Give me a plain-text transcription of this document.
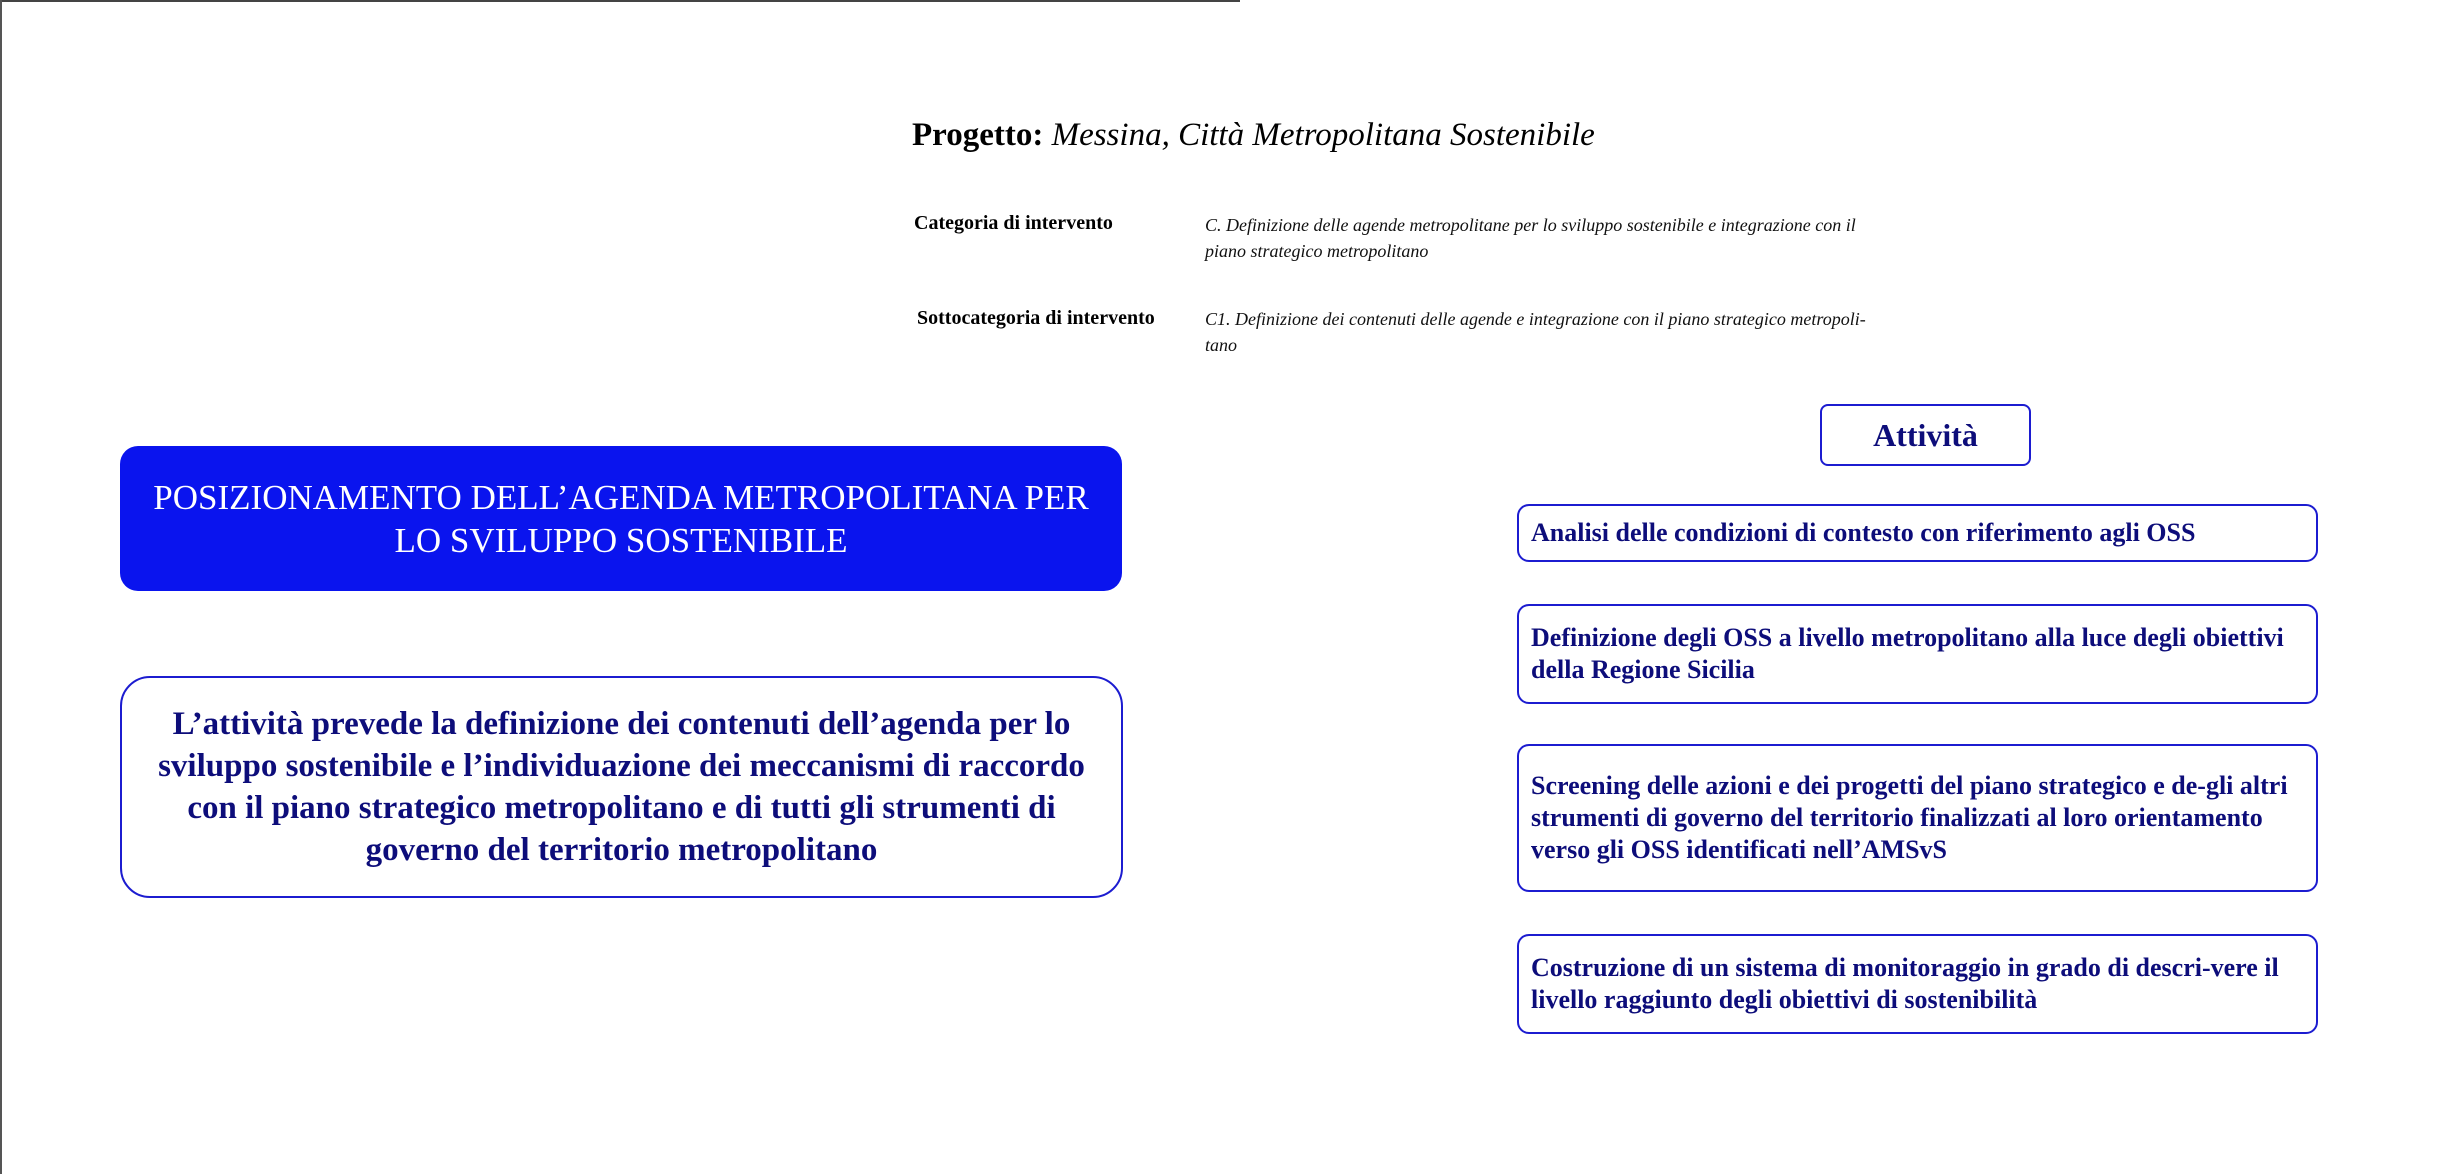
Progetto: Messina, Città Metropolitana Sostenibile
Categoria di intervento	C. Definizione delle agende metropolitane per lo sviluppo sostenibile e integrazione con il piano strategico metropolitano
Sottocategoria di intervento	C1. Definizione dei contenuti delle agende e integrazione con il piano strategico metropoli-tano
POSIZIONAMENTO DELL’AGENDA METROPOLITANA PER LO SVILUPPO SOSTENIBILE
L’attività prevede la definizione dei contenuti dell’agenda per lo sviluppo sostenibile e l’individuazione dei meccanismi di raccordo con il piano strategico metropolitano e di tutti gli strumenti di governo del territorio metropolitano
Attività
Analisi delle condizioni di contesto con riferimento agli OSS
Definizione degli OSS a livello metropolitano alla luce degli obiettivi della Regione Sicilia
Screening delle azioni e dei progetti del piano strategico e de-gli altri strumenti di governo del territorio finalizzati al loro orientamento verso gli OSS identificati nell’AMSvS
Costruzione di un sistema di monitoraggio in grado di descri-vere il livello raggiunto degli obiettivi di sostenibilità
